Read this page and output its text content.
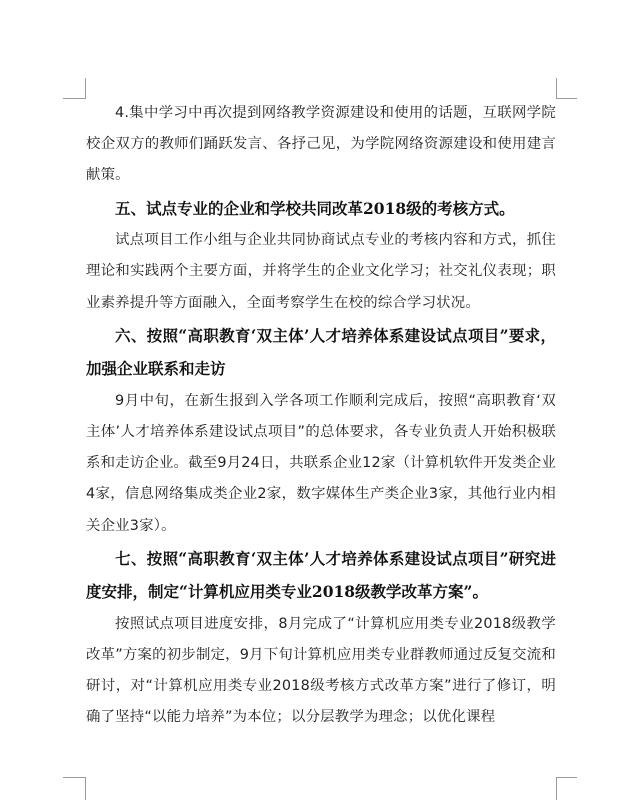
4.集中学习中再次提到网络教学资源建设和使用的话题，互联网学院校企双方的教师们踊跃发言、各抒己见，为学院网络资源建设和使用建言献策。

五、试点专业的企业和学校共同改革2018级的考核方式。

试点项目工作小组与企业共同协商试点专业的考核内容和方式，抓住理论和实践两个主要方面，并将学生的企业文化学习；社交礼仪表现；职业素养提升等方面融入，全面考察学生在校的综合学习状况。

六、按照“高职教育‘双主体’人才培养体系建设试点项目”要求，加强企业联系和走访

9月中旬，在新生报到入学各项工作顺利完成后，按照“高职教育‘双主体’人才培养体系建设试点项目”的总体要求，各专业负责人开始积极联系和走访企业。截至9月24日，共联系企业12家（计算机软件开发类企业4家，信息网络集成类企业2家，数字媒体生产类企业3家，其他行业内相关企业3家）。

七、按照“高职教育‘双主体’人才培养体系建设试点项目”研究进度安排，制定“计算机应用类专业2018级教学改革方案”。

按照试点项目进度安排，8月完成了“计算机应用类专业2018级教学改革”方案的初步制定，9月下旬计算机应用类专业群教师通过反复交流和研讨，对“计算机应用类专业2018级考核方式改革方案”进行了修订，明确了坚持“以能力培养”为本位；以分层教学为理念；以优化课程
